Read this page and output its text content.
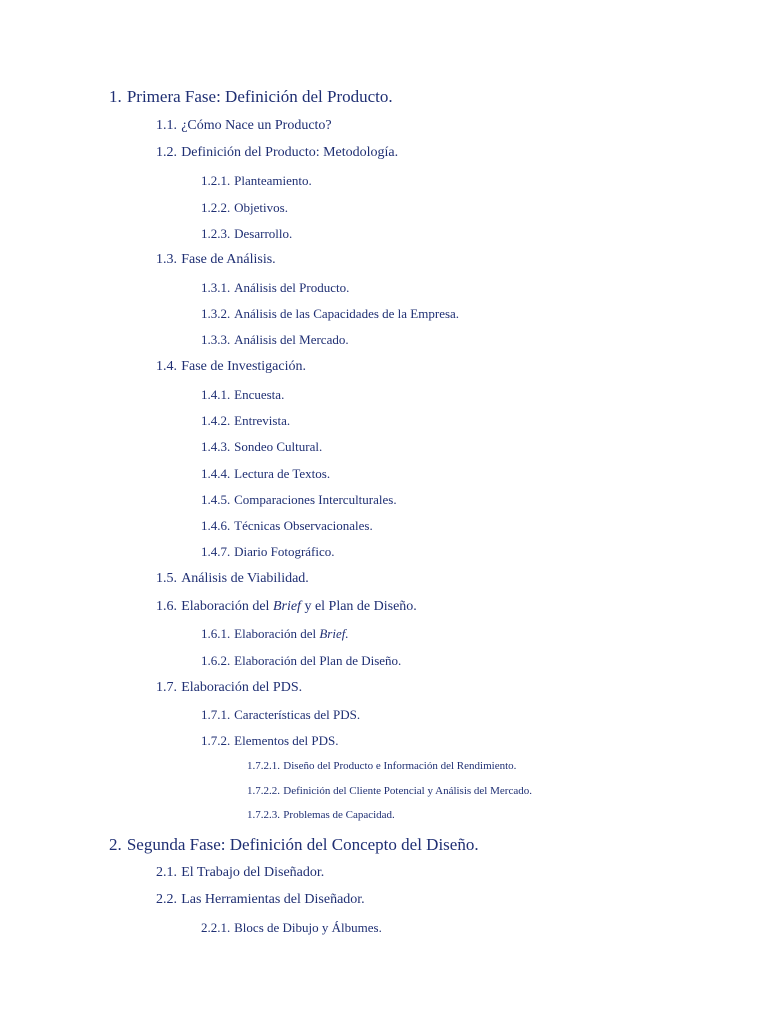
1. Primera Fase: Definición del Producto.
1.1. ¿Cómo Nace un Producto?
1.2. Definición del Producto: Metodología.
1.2.1. Planteamiento.
1.2.2. Objetivos.
1.2.3. Desarrollo.
1.3. Fase de Análisis.
1.3.1. Análisis del Producto.
1.3.2. Análisis de las Capacidades de la Empresa.
1.3.3. Análisis del Mercado.
1.4. Fase de Investigación.
1.4.1. Encuesta.
1.4.2. Entrevista.
1.4.3. Sondeo Cultural.
1.4.4. Lectura de Textos.
1.4.5. Comparaciones Interculturales.
1.4.6. Técnicas Observacionales.
1.4.7. Diario Fotográfico.
1.5. Análisis de Viabilidad.
1.6. Elaboración del Brief y el Plan de Diseño.
1.6.1. Elaboración del Brief.
1.6.2. Elaboración del Plan de Diseño.
1.7. Elaboración del PDS.
1.7.1. Características del PDS.
1.7.2. Elementos del PDS.
1.7.2.1. Diseño del Producto e Información del Rendimiento.
1.7.2.2. Definición del Cliente Potencial y Análisis del Mercado.
1.7.2.3. Problemas de Capacidad.
2. Segunda Fase: Definición del Concepto del Diseño.
2.1. El Trabajo del Diseñador.
2.2. Las Herramientas del Diseñador.
2.2.1. Blocs de Dibujo y Álbumes.
